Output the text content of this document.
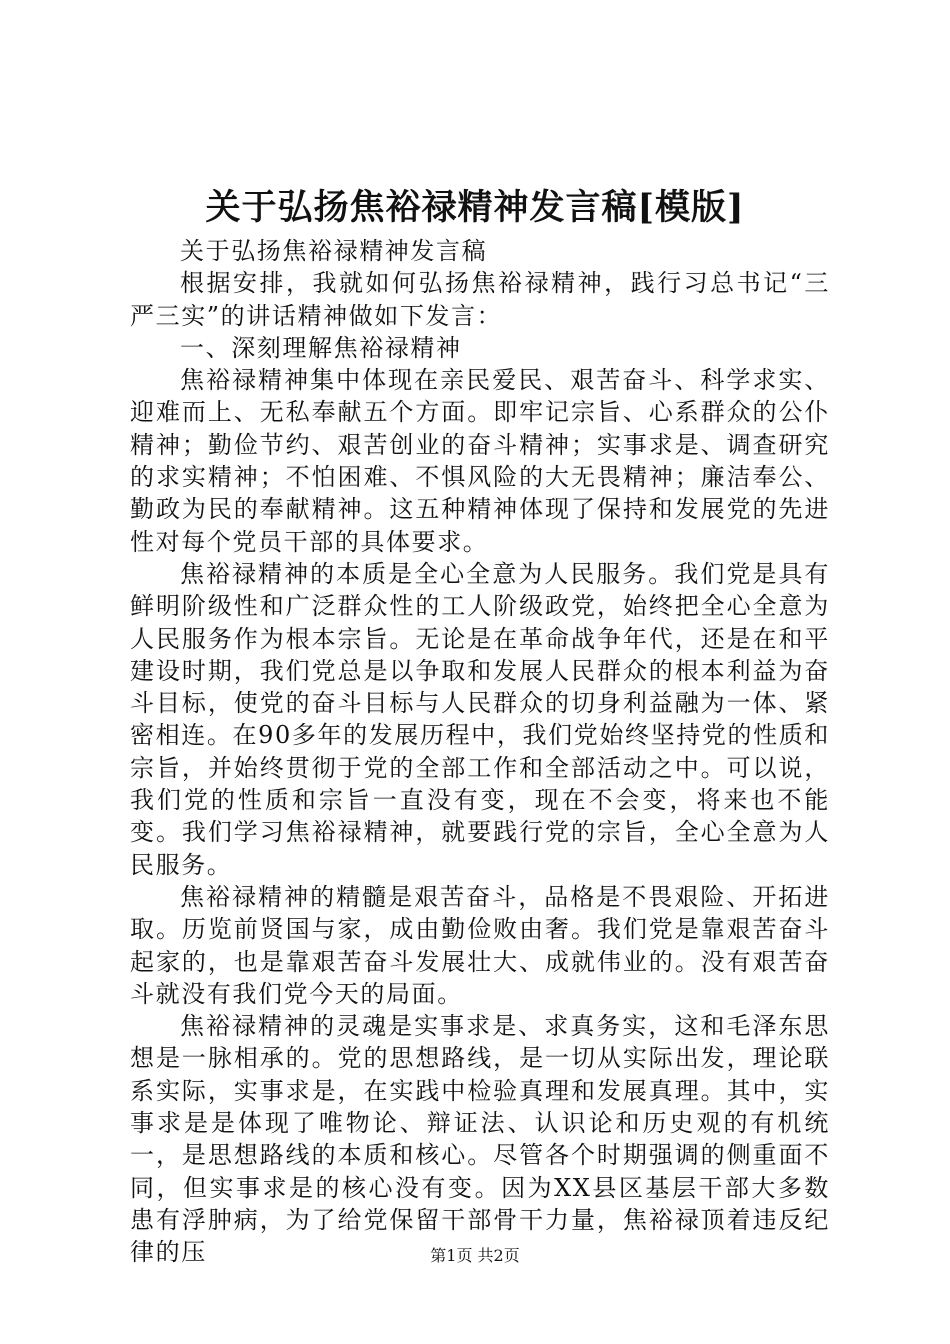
关于弘扬焦裕禄精神发言稿[模版]

关于弘扬焦裕禄精神发言稿

根据安排，我就如何弘扬焦裕禄精神，践行习总书记“三严三实”的讲话精神做如下发言：

一、深刻理解焦裕禄精神

焦裕禄精神集中体现在亲民爱民、艰苦奋斗、科学求实、迎难而上、无私奉献五个方面。即牢记宗旨、心系群众的公仆精神；勤俭节约、艰苦创业的奋斗精神；实事求是、调查研究的求实精神；不怕困难、不惧风险的大无畏精神；廉洁奉公、勤政为民的奉献精神。这五种精神体现了保持和发展党的先进性对每个党员干部的具体要求。

焦裕禄精神的本质是全心全意为人民服务。我们党是具有鲜明阶级性和广泛群众性的工人阶级政党，始终把全心全意为人民服务作为根本宗旨。无论是在革命战争年代，还是在和平建设时期，我们党总是以争取和发展人民群众的根本利益为奋斗目标，使党的奋斗目标与人民群众的切身利益融为一体、紧密相连。在90多年的发展历程中，我们党始终坚持党的性质和宗旨，并始终贯彻于党的全部工作和全部活动之中。可以说，我们党的性质和宗旨一直没有变，现在不会变，将来也不能变。我们学习焦裕禄精神，就要践行党的宗旨，全心全意为人民服务。

焦裕禄精神的精髓是艰苦奋斗，品格是不畏艰险、开拓进取。历览前贤国与家，成由勤俭败由奢。我们党是靠艰苦奋斗起家的，也是靠艰苦奋斗发展壮大、成就伟业的。没有艰苦奋斗就没有我们党今天的局面。

焦裕禄精神的灵魂是实事求是、求真务实，这和毛泽东思想是一脉相承的。党的思想路线，是一切从实际出发，理论联系实际，实事求是，在实践中检验真理和发展真理。其中，实事求是是体现了唯物论、辩证法、认识论和历史观的有机统一，是思想路线的本质和核心。尽管各个时期强调的侧重面不同，但实事求是的核心没有变。因为XX县区基层干部大多数患有浮肿病，为了给党保留干部骨干力量，焦裕禄顶着违反纪律的压	第1页 共2页
